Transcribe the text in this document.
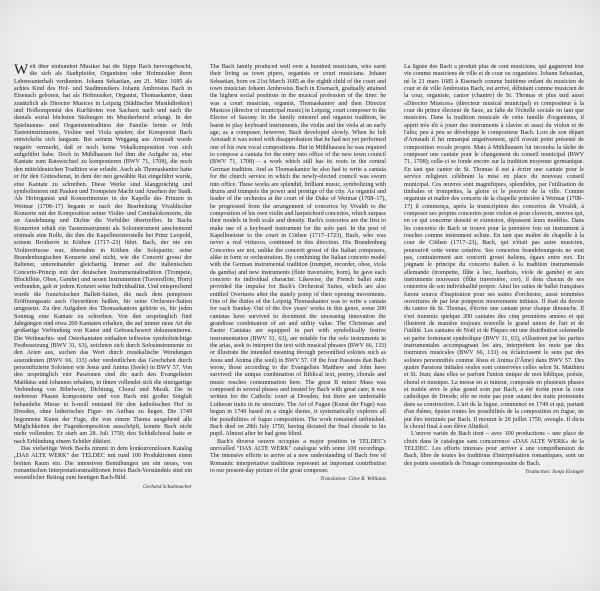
Weit über einhundert Musiker hat die Sippe Bach hervorgebracht, die sich als Stadtpfeifer, Organisten oder Hofmusiker ihren Lebensunterhalt verdienten. Johann Sebastian, am 21. März 1685 als achtes Kind des Hof- und Stadtmusikers Johann Ambrosius Bach in Eisenach geboren, hat als Hofmusiker, Organist, Thomaskantor, dann zusätzlich als Director Musices in Leipzig (Städtischer Musikdirektor) und Hofkomponist des Kurfürsten von Sachsen nach und nach die damals sozial höchsten Stufungen im Musikerberuf erlangt. In der Spielmanns- und Organistentradition der Familie lernte er früh Tasteninstrumente, Violine und Viola spielen; der Komponist Bach entwickelte sich langsam. Bei seinem Weggang aus Arnstadt wurde negativ vermerkt, daß er noch keine Vokalkomposition von sich aufgeführt habe. Doch in Mühlhausen fiel ihm die Aufgabe zu, eine Kantate zum Ratswechsel zu komponieren (BWV 71, 1708), die noch den mitteldeutschen Tradition war erlaubt. Auch als Thomaskantor hatte er für den Gottesdienst, in dem der neu gewählte Rat eingeführt wurde, eine Kantate zu schreiben. Diese Werke sind klangprächtig und symbolisieren mit Pauken und Trompeten Macht und Ansehen der Stadt. Als Hoforganist und Konzertmeister in der Kapelle des Prinzen in Weimar (1708–17) begann er nach der Bearbeitung Vivaldischer Konzerte mit der Komposition seiner Violin- und Cembalokonzerte, die an Ausdehnung und Dichte die Vorbilder übertreffen. In Bachs Konzerten erhält ein Tasteninstrument als Soloinstrument anscheinend erstmals eine Rolle, die ihm die Kapellmeisterstelle bei Prinz Leopold, seinem Brotherrn in Köthen (1717–23) führt. Bach, der nie ein Violinvirtuose war, übernahm in Köthen die Solopartie; seine Brandenburgischen Konzerte sind nicht, wie die Concerti grossi der Italiener, untereinander gleichartig. Immer auf die italienischen Concerto-Prinzip mit der deutschen Instrumentaltradition (Trompete, Blockflöte, Oboe, Gambe) und neuen Instrumenten (Traversflöte, Horn) verbunden, gab er jedem Konzert seine Individualität. Und entsprechend wurde die französischen Ballett-Suiten, die nach dem pompösen Eröffnungssatz auch Ouvertüren heißen, für seine Orchester-Suiten umgesetzt. Zu den Aufgaben des Thomaskantors gehörte es, für jeden Sonntag eine Kantate zu schreiben. Von den ursprünglich fünf Jahrgängen sind etwa 200 Kantaten erhalten, die auf immer neue Art die großartige Verbindung von Kunst und Gebrauchswert dokumentieren. Die Weihnachts- und Osterkantaten enthalten teilweise symbolträchtige Festbesetzung (BWV 31, 63), zeichnen sich durch Solosinstrumente zu den Arien aus, suchen das Wort durch musikalische Wendungen auszudeuten (BWV 66, 133) oder verdeutlichen das Geschehen durch personifizierte Soloisten wie Jesus und Anima (Seele) in BWV 57. Von den ursprünglich vier Passionen sind die nach den Evangelisten Matthäus und Johannes erhalten, in ihnen vollendet sich die einzigartige Verbindung von Bibelwort, Dichtung, Choral und Musik. Die in mehreren Phasen komponierte und von Bach mit großer Sorgfalt behandelte Messe in h-moll entstand für den katholischen Hof in Dresden, ohne lutherisches Figur- im Aufbau zu liegen. Die 1749 begonnene Kunst der Fuge, die von einem Thema ausgehend alle Möglichkeiten der Fugenkomposition ausschöpft, konnte Bach nicht mehr vollenden. Er starb am 28. Juli 1750; den Schlußchoral hatte er nach Erblindung einem Schüler diktiert.

Das vielseitige Werk Bachs nimmt in dem konkurrenzlosen Katalog „DAS ALTE WERK" der TELDEC mit rund 100 Produktionen einen breiten Raum ein. Die intensiven Bemühungen um ein neues, von romantischen Interpretationstraditionen freies Bach-Verständnis sind ein wesentlicher Beitrag zum heutigen Bach-Bild.

Gerhard Schuhmacher

The Bach family produced well over a hundred musicians, who earnt their living as town pipers, organists or court musicians. Johann Sebastian, born on 21st March 1685 as the eighth child of the court and town musician Johann Ambrosius Bach in Eisenach, gradually attained the highest social positions in the musical profession of the time: he was a court musician, organist, Thomaskantor and then Director Musices (director of municipal music) in Leipzig, court composer to the Elector of Saxony. In the family minstrel and organist tradition, he learnt to play keyboard instruments, the violin and the viola at an early age; as a composer, however, Bach developed slowly. When he left Arnstadt it was noted with disapprobation that he had not yet performed one of his own vocal compositions. But in Mühlhausen he was required to compose a cantata for the entry into office of the new town council (BWV 71, 1708) – a work which still has its roots in the central German tradition. And as Thomaskantor he also had to write a cantata for the church service in which the newly-elected council was sworn into office. These works are splendid, brilliant music, symbolizing with drums and trumpets the power and prestige of the city. As organist and leader of the orchestra at the court of the Duke of Weimar (1708–17), he progressed from the arrangement of concertos by Vivaldi to the composition of his own violin and harpsichord concertos, which surpass their models in both scale and density. Bach's concertos are the first to make use of a keyboard instrument for the solo part. In the post of Kapellmeister to the court in Cöthen (1717–1723), Bach, who was never a real virtuoso, continued in this direction. His Brandenburg Concertos are not, unlike the concerti grossi of the Italian composers, alike in form or orchestration. By combining the Italian concerto model with the German instrumental tradition (trumpet, recorder, oboe, viola da gamba) and new instruments (flute traversière, horn), he gave each concerto its individual character. Likewise, the French ballet suite provided the impulse for Bach's Orchestral Suites, which are also entitled Overtures after the stately pomp of their opening movements. One of the duties of the Leipzig Thomaskantor was to write a cantata for each Sunday. Out of the five years' works in this genre, some 200 cantatas have survived to document the unceasing innovation the grandiose combination of art and utility value. The Christmas and Easter Cantatas are equipped in part with symbolically festive instrumentation (BWV 31, 63), are notable for the solo instruments in the arias, seek to interpret the text with musical phrases (BWV 66, 133) or illustrate the intended meaning through personified soloists such as Jesus and Anima (the soul) in BWV 57. Of the four Passions that Bach wrote, those according to the Evangelists Matthew and John have survived: the unique combination of Biblical text, poetry, chorale and music reaches consummation here. The great B minor Mass was composed in several phases and treated by Bach with great care; it was written for the Catholic court at Dresden, but there are undeniable Lutheran traits in its structure. The Art of Fugue (Kunst der Fuge) was begun in 1749 based on a single theme, it systematically explores all the possibilities of fugue composition. The work remained unfinished. Bach died on 28th July 1750, having dictated the final chorale to his pupil. Almost after he had gone blind.

Bach's diverse oeuvre occupies a major position in TELDEC's unrivalled "DAS ALTE WERK" catalogue with some 100 recordings. The intensive efforts to arrive at a new understanding of Bach free of Romantic interpretative traditions represent an important contribution to our present-day picture of the great composer.

Translation: Clive R. Williams

La lignée des Bach a produit plus de cent musiciens, qui gagnèrent leur vie comme musiciens de ville et de cour ou organistes. Johann Sebastian, né le 21 mars 1685 à Eisenach comme huitième enfant du musicien de cour et de ville Ambrosius Bach, est arrivé, débutant comme musicien de la cour, organiste, cantor (chantre) de St. Thomas et plus tard aussi «Director Musices» (directeur musical municipal) et compositeur à la cour du prince électeur de Saxe, au faîte de l'échelle sociale en tant que musicien. Dans la tradition musicale de cette famille d'organistes, il apprit très tôt à jouer des instruments à clavier et aussi du violon et de l'alto; peu à peu se développe le compositeur Bach. Lors de son départ d'Arnstadt il fut remarqué négativement, qu'il n'avait point présenté de composition vocale propre. Mais à Mühlhausen lui incomba la tâche de composer une cantate pour le changement du conseil municipal (BWV 71, 1708); celle-ci se fonde encore sur la tradition moyenne germanique. En tant que cantor de St. Thomas il eut à écrire une cantate pour le service religieux célébrant la mise en place du nouveau conseil municipal. Ces œuvres sont magnifiques, splendides, par l'utilisation de timbales et trompettes, la gloire et le pouvoir de la ville. Comme organiste et maître des concerts de la chapelle princière à Weimar (1708–17) il commença, après la transcription des concertos de Vivaldi, à composer ses propres concertos pour violon et pour clavecin, œuvres qui, en ce qui concerne densité et extension, dépassent leurs modèles. Dans les concertos de Bach se trouve pour la première fois un instrument à touches comme instrument soliste. En tant que maître de chapelle à la cour de Cöthen (1717–23), Bach, qui n'était pas autre musicien, poursuivit cette veine créative. Ses concertos brandebourgeois ne sont pas, contrairement aux concerti grossi italiens, égaux entre eux. En joignant le principe du concerto italien à la tradition instrumentale allemande (trompette, flûte à bec, hautbois, viole de gambe) et aux instruments nouveaux (flûte traversière, cor), il dota chacun de ses concertos de son individualité propre. Ainsi les suites de ballet françaises furent source d'inspiration pour ses suites d'orchestre, aussi nommées ouvertures de par leur pompeux mouvements initiaux. Il était du devoir du cantor de St. Thomas, d'écrire une cantate pour chaque dimanche. Il s'est transmis quelque 200 cantates des cinq premières années et qui illustrent de manière toujours nouvelle le grand union de l'art et de l'utilité. Les cantates de Noël et de Pâques ont une distribution solennelle en partie fortement symbolique (BWV 31, 63), s'illustrent par les parties instrumentales accompagnant les airs, interprètent les mots par des tournures musicales (BWV 66, 133) ou éclaircissent le sens par des solistes personnifiés comme Jésus et Anima (l'Âme) dans BWV 57. Des quatre Passions initiales seules sont conservées celles selon St. Matthieu et St. Jean; dans elles se parfont l'union unique de mot biblique, poésie, choral et musique. La messe en si mineur, composée en plusieurs phases et traitée avec le plus grand soin par Bach, a été écrite pour la cour catholique de Dresde; elle ne reste pas pour autant des traits protestants dans sa construction. L'art de la fugue, commencé en 1749 et qui, partant d'un thème, épuise toutes les possibilités de la composition en fugue, ne put être terminée par Bach. Il mourut le 28 juillet 1750, aveugle. Il dicta le choral final à son élève Altnikol.

L'œuvre variée de Bach tient – avec 100 productions – une place de choix dans le catalogue sans concurrence «DAS ALTE WERK» de la TELDEC. Les efforts intenses pour arriver à une compréhension de Bach, libre de toutes les traditions d'interprétation romantiques, sont un des points essentiels de l'image contemporaine de Bach.

Traduction: Sonja Eisinger
